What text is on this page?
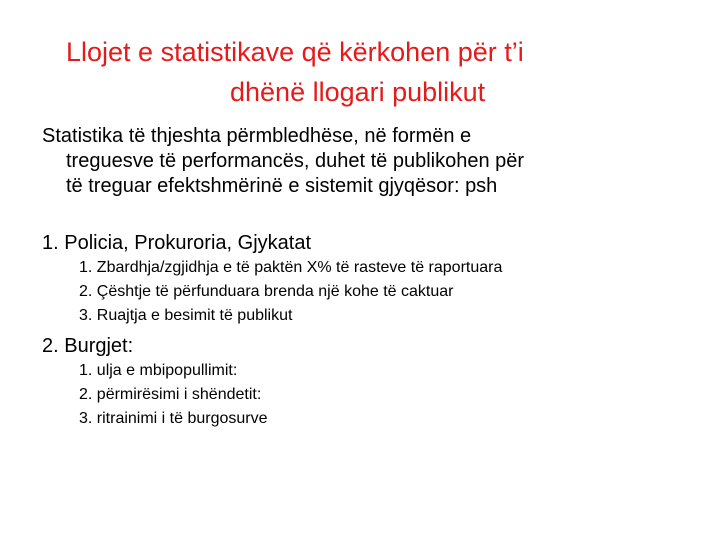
Llojet e statistikave që kërkohen për t’i
dhënë llogari publikut
Statistika të thjeshta përmbledhëse, në formën e
treguesve të performancës, duhet të publikohen për
të treguar efektshmërinë e sistemit gjyqësor: psh
1. Policia, Prokuroria, Gjykatat
1. Zbardhja/zgjidhja e të paktën X% të rasteve të raportuara
2. Çështje të përfunduara brenda një kohe të caktuar
3. Ruajtja e besimit të publikut
2. Burgjet:
1. ulja e mbipopullimit:
2. përmirësimi i shëndetit:
3. ritrainimi i të burgosurve
